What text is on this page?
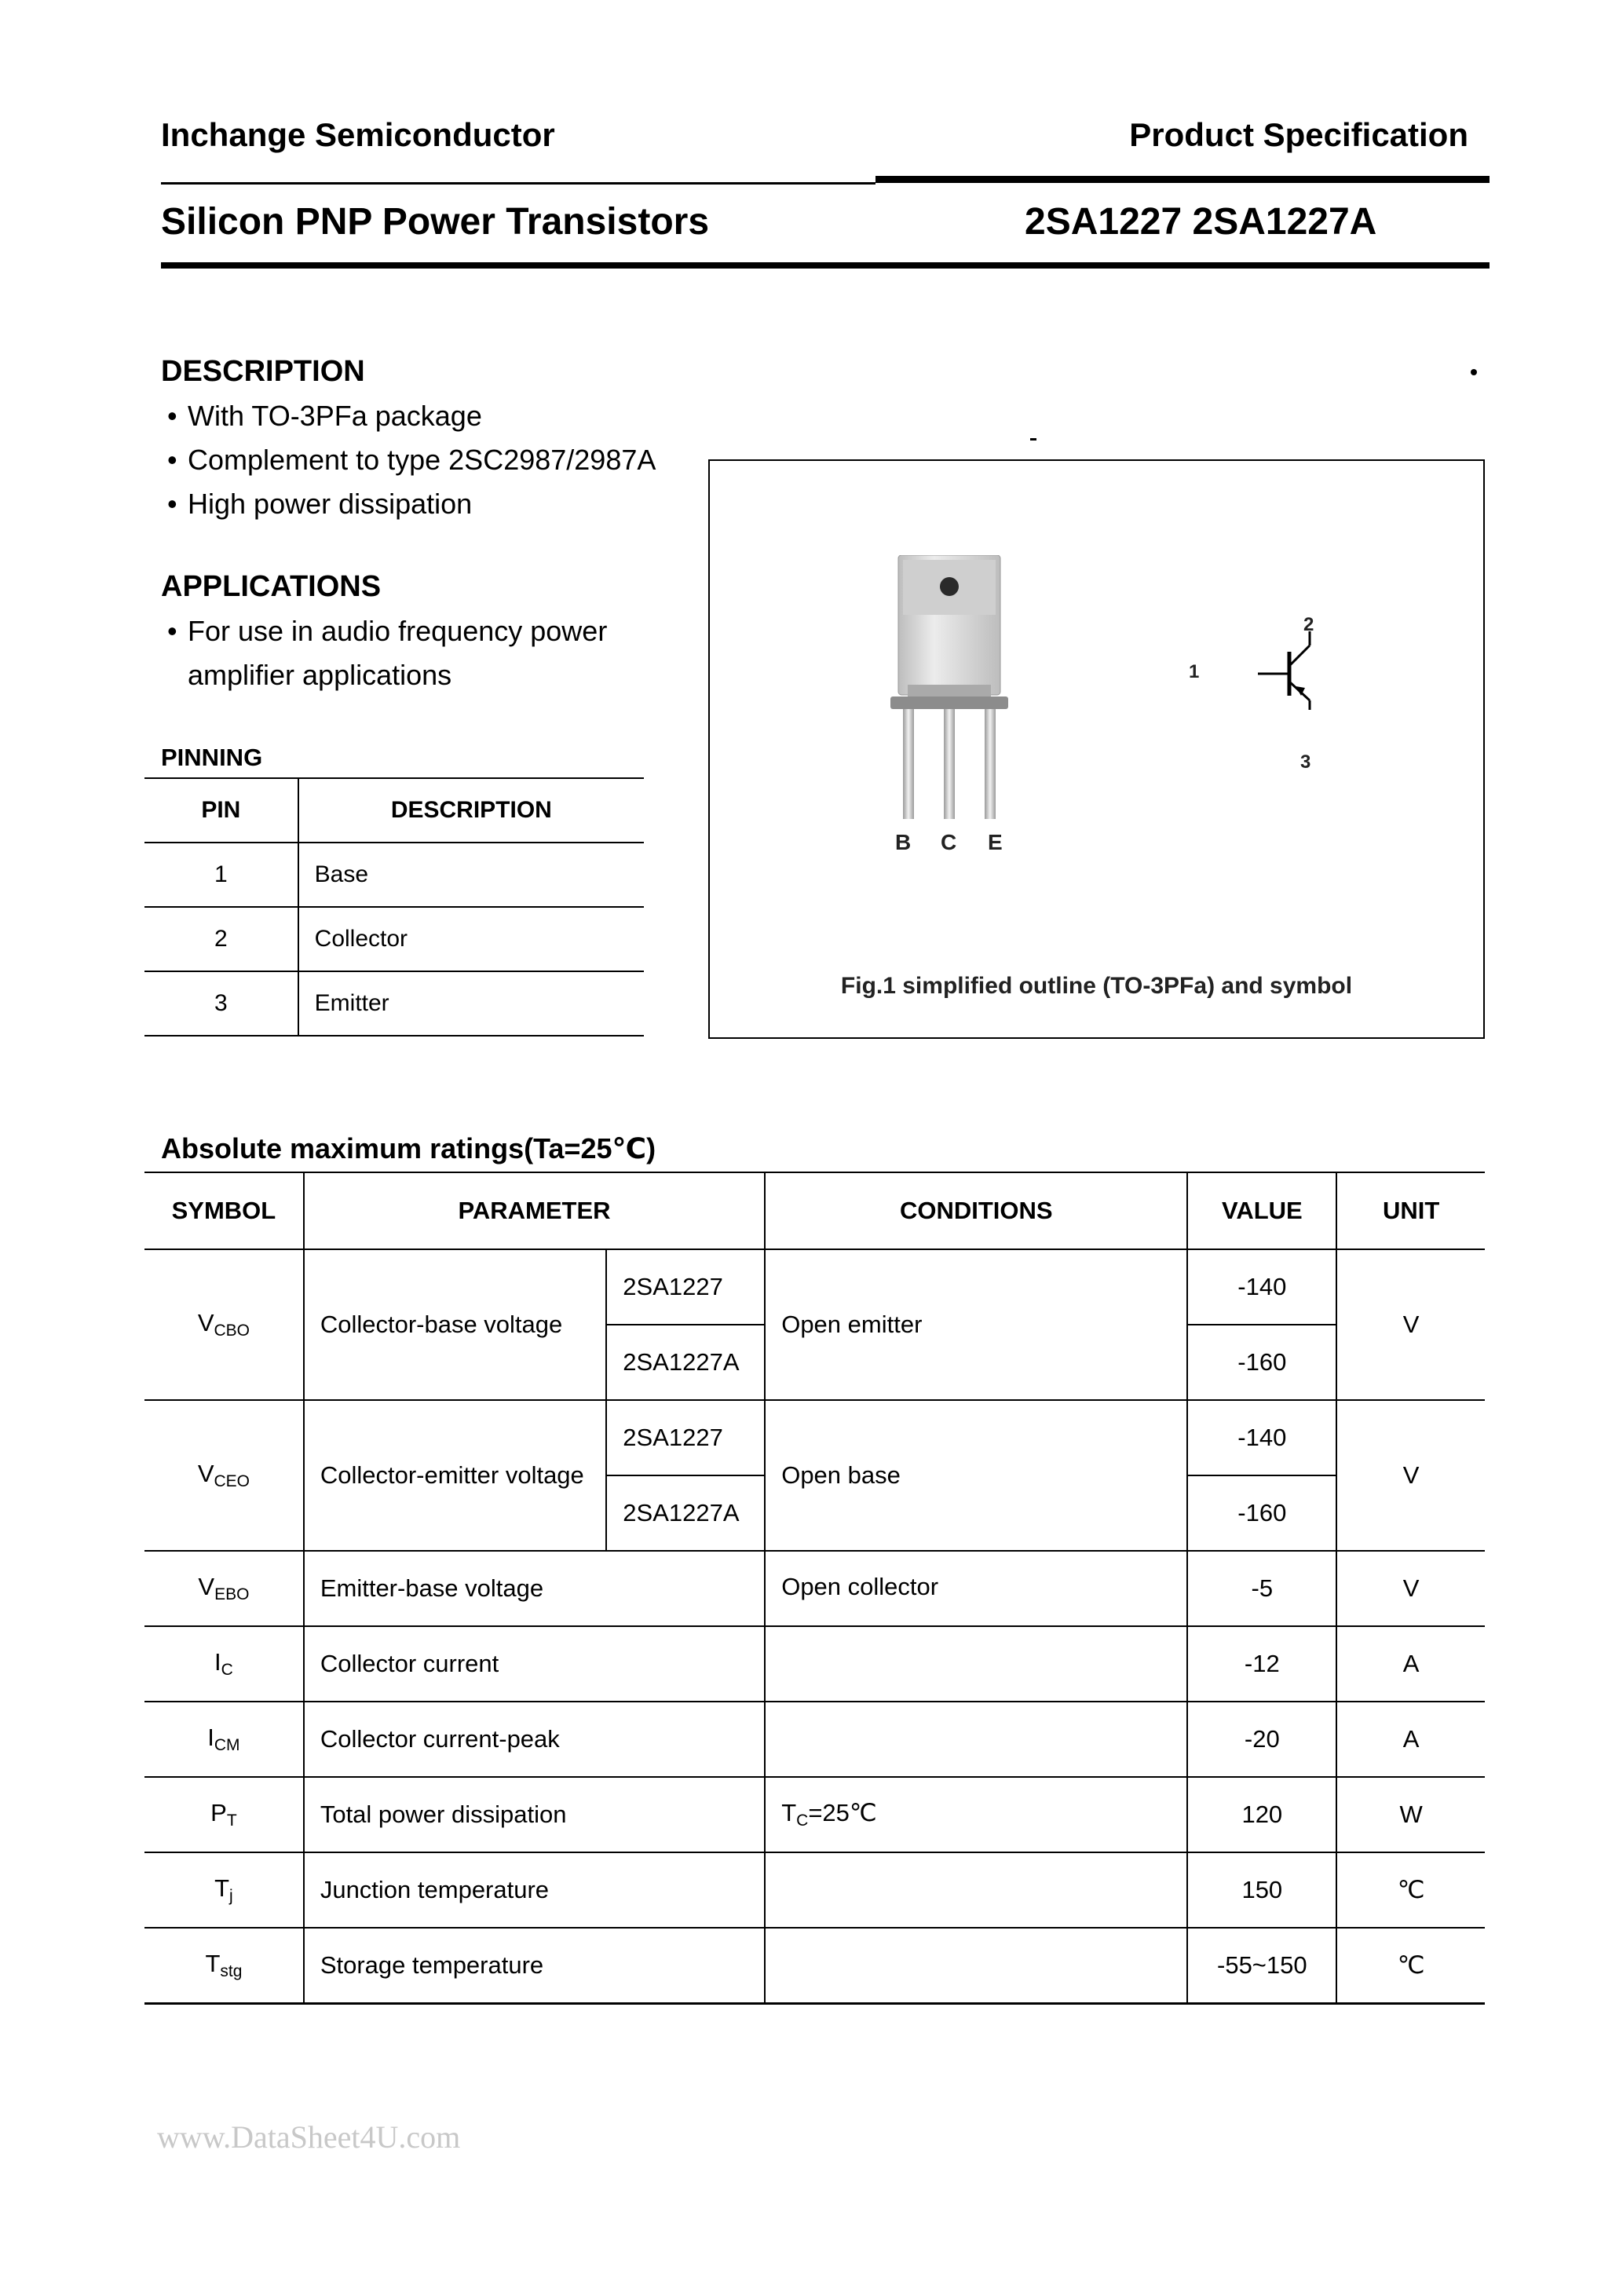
Inchange Semiconductor	Product Specification
Silicon PNP Power Transistors	2SA1227 2SA1227A
DESCRIPTION
• With TO-3PFa package
• Complement to type 2SC2987/2987A
• High power dissipation
APPLICATIONS
• For use in audio frequency power
amplifier applications
PINNING
PIN	DESCRIPTION
1	Base
2	Collector
3	Emitter
B C E
1
2
3
Fig.1 simplified outline (TO-3PFa) and symbol
Absolute maximum ratings(Ta=25℃)
SYMBOL	PARAMETER		CONDITIONS	VALUE	UNIT
$V_{CBO}$	Collector-base voltage	2SA1227	Open emitter	-140	V
		2SA1227A		-160	
$V_{CEO}$	Collector-emitter voltage	2SA1227	Open base	-140	V
		2SA1227A		-160	
$V_{EBO}$	Emitter-base voltage		Open collector	-5	V
$I_C$	Collector current			-12	A
$I_{CM}$	Collector current-peak			-20	A
$P_T$	Total power dissipation		$T_C=25℃$	120	W
$T_j$	Junction temperature			150	℃
$T_{stg}$	Storage temperature			-55~150	℃
www.DataSheet4U.com
